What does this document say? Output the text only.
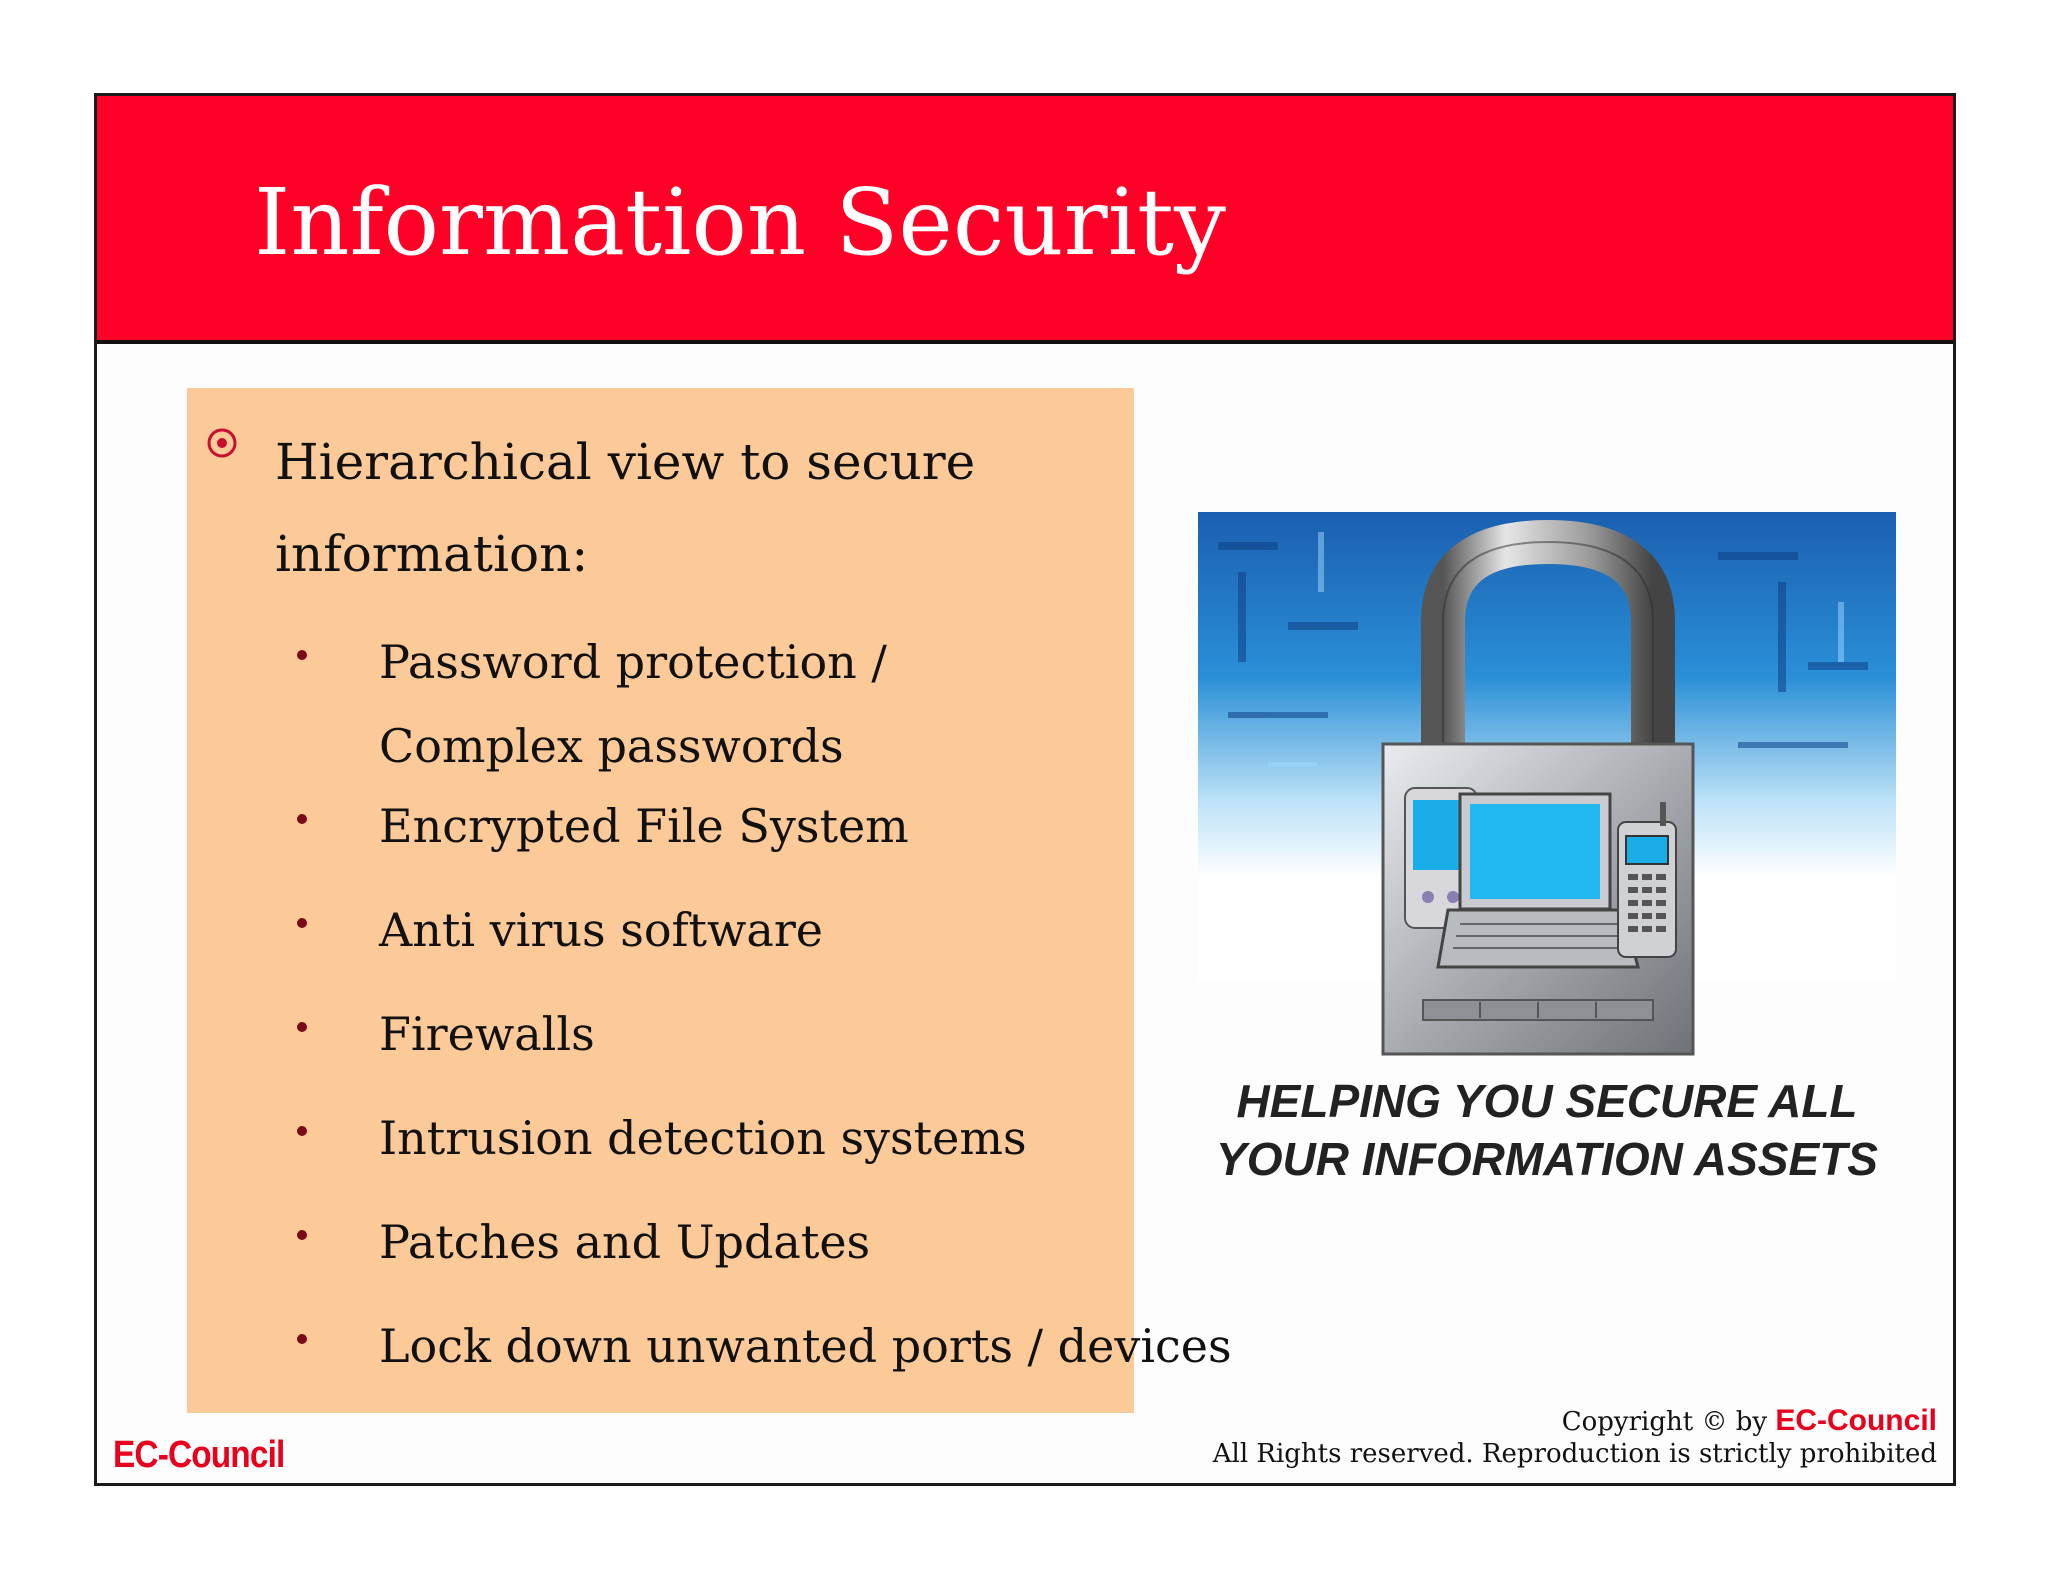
Information Security
Hierarchical view to secure information:
Password protection / Complex passwords
Encrypted File System
Anti virus software
Firewalls
Intrusion detection systems
Patches and Updates
Lock down unwanted ports / devices
HELPING YOU SECURE ALL
YOUR INFORMATION ASSETS
EC-Council
Copyright © by EC-Council
All Rights reserved. Reproduction is strictly prohibited
